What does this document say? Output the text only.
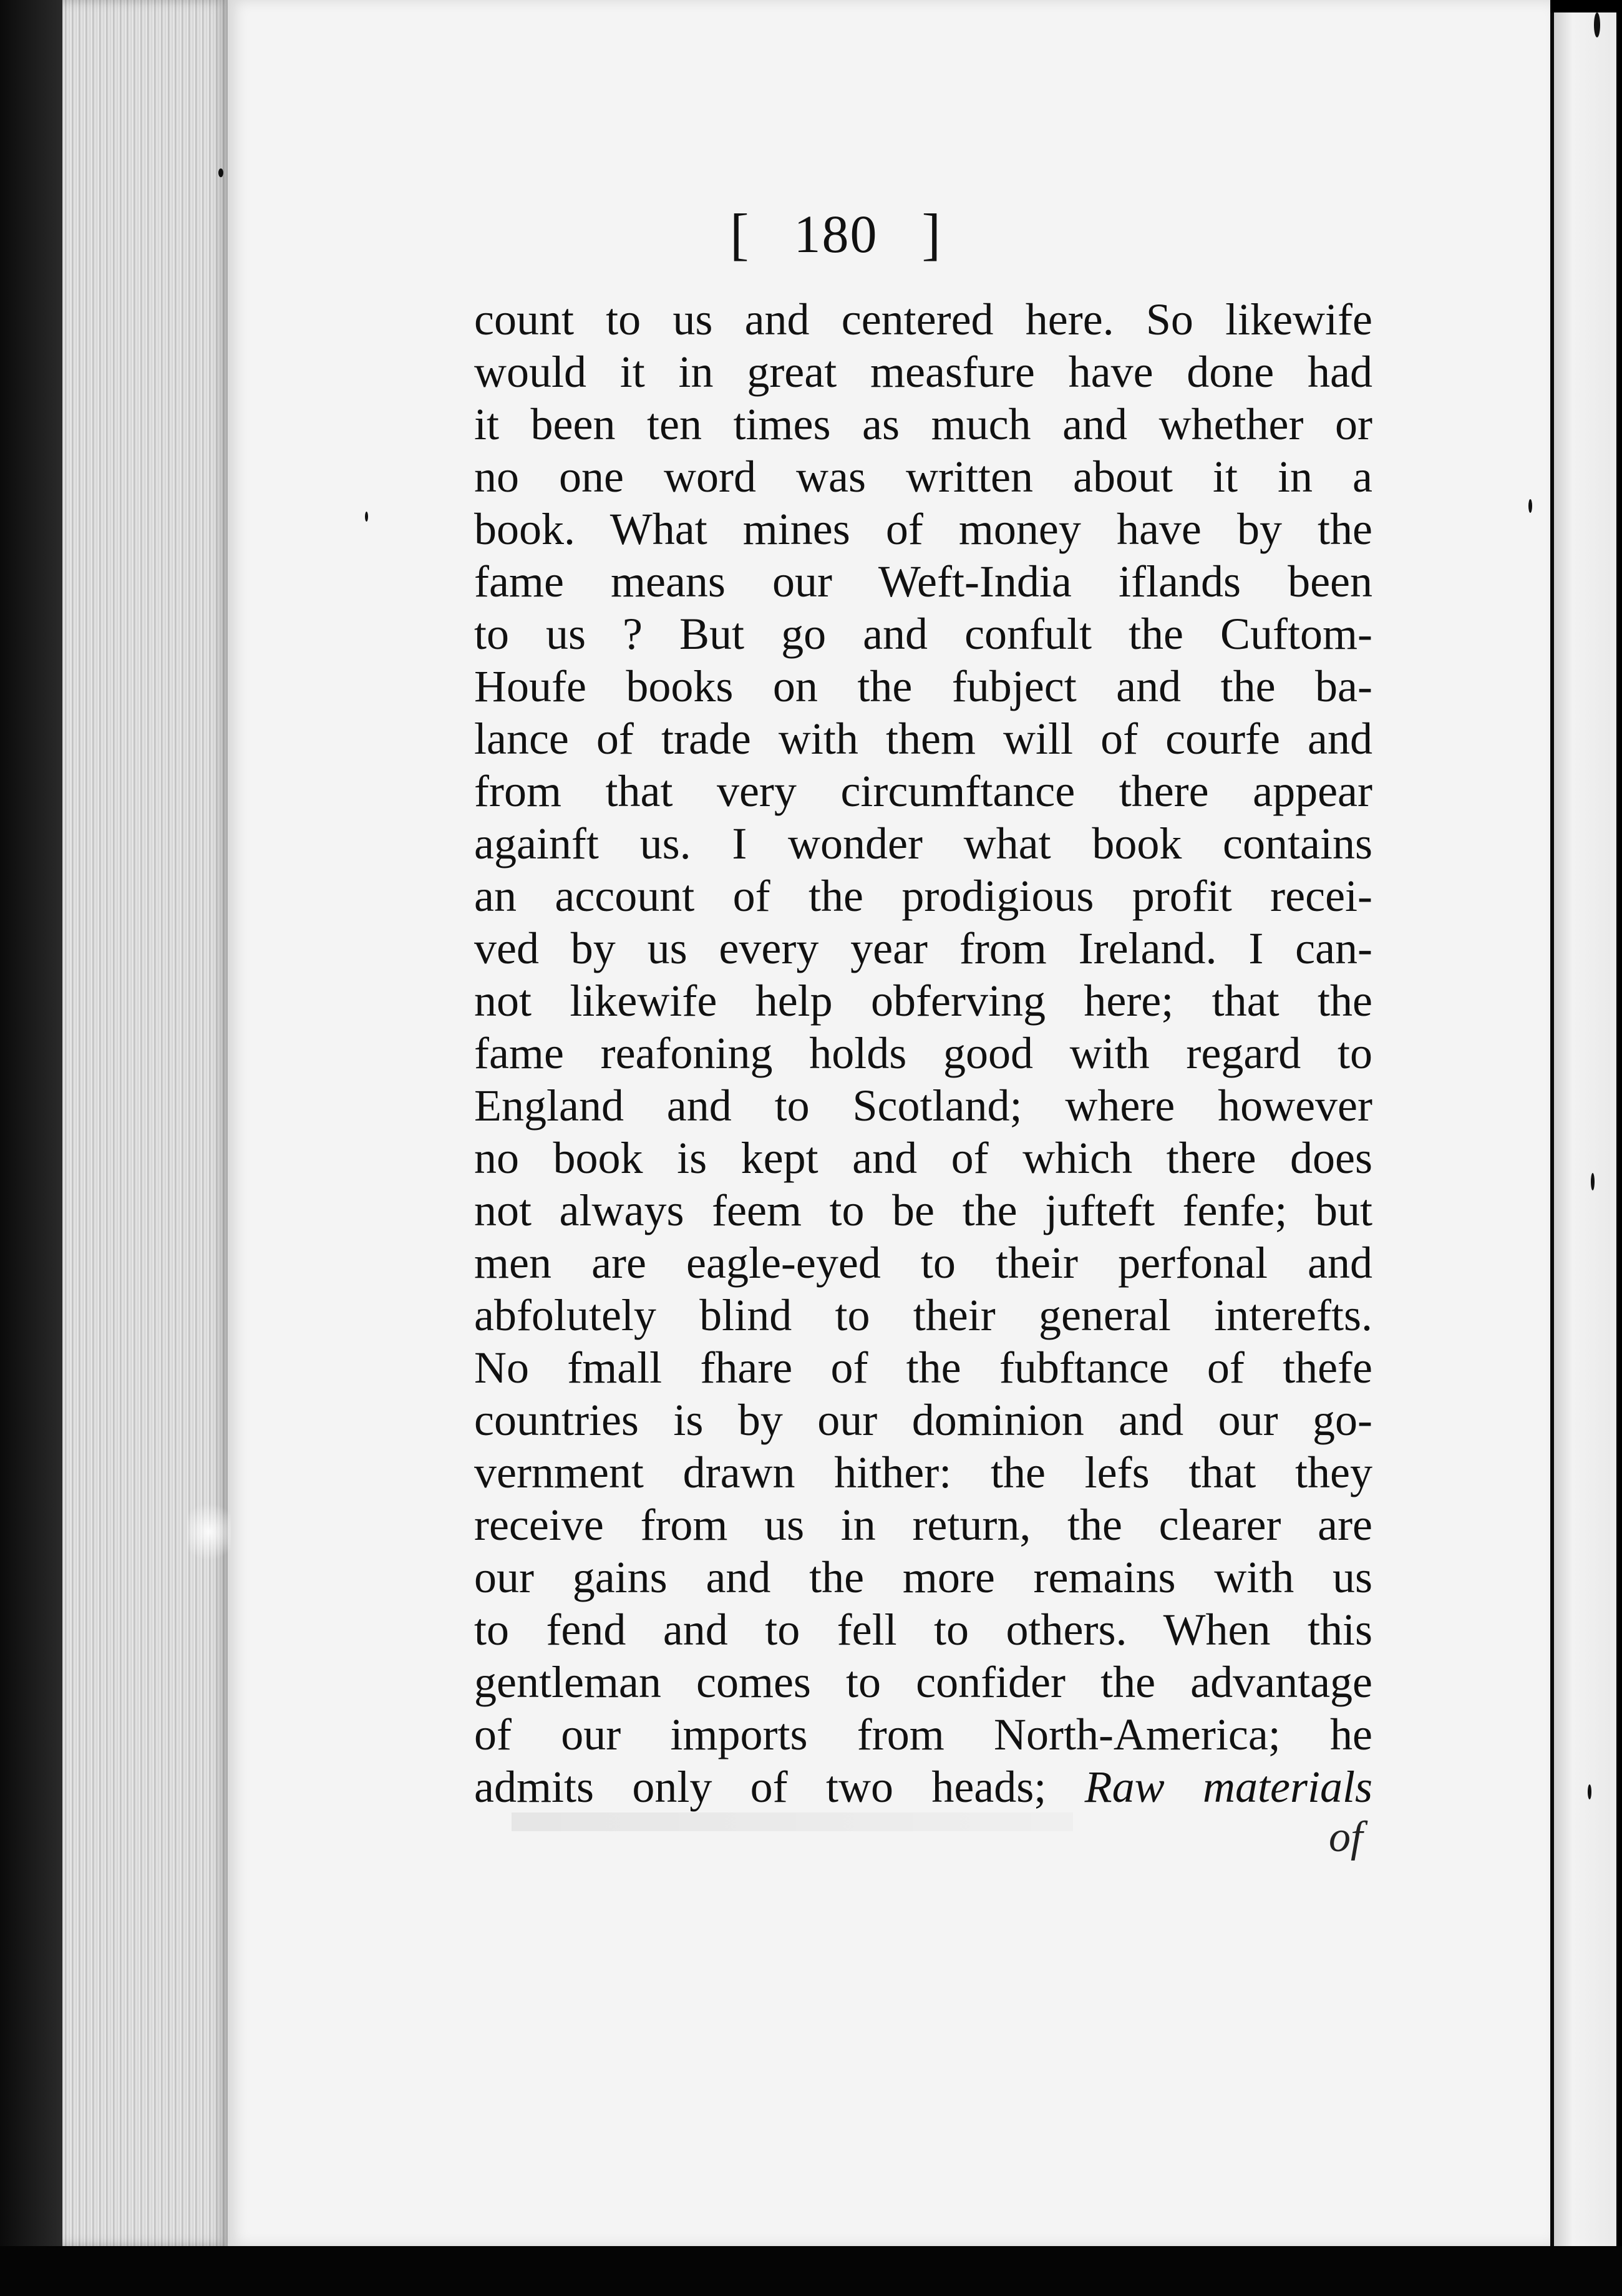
[ 180 ]
count to us and centered here. So likewife
would it in great measfure have done had
it been ten times as much and whether or
no one word was written about it in a
book. What mines of money have by the
fame means our Weft-India iflands been
to us ? But go and confult the Cuftom-
Houfe books on the fubject and the ba-
lance of trade with them will of courfe and
from that very circumftance there appear
againft us. I wonder what book contains
an account of the prodigious profit recei-
ved by us every year from Ireland. I can-
not likewife help obferving here; that the
fame reafoning holds good with regard to
England and to Scotland; where however
no book is kept and of which there does
not always feem to be the jufteft fenfe; but
men are eagle-eyed to their perfonal and
abfolutely blind to their general interefts.
No fmall fhare of the fubftance of thefe
countries is by our dominion and our go-
vernment drawn hither: the lefs that they
receive from us in return, the clearer are
our gains and the more remains with us
to fend and to fell to others. When this
gentleman comes to confider the advantage
of our imports from North-America; he
admits only of two heads; Raw materials
of
